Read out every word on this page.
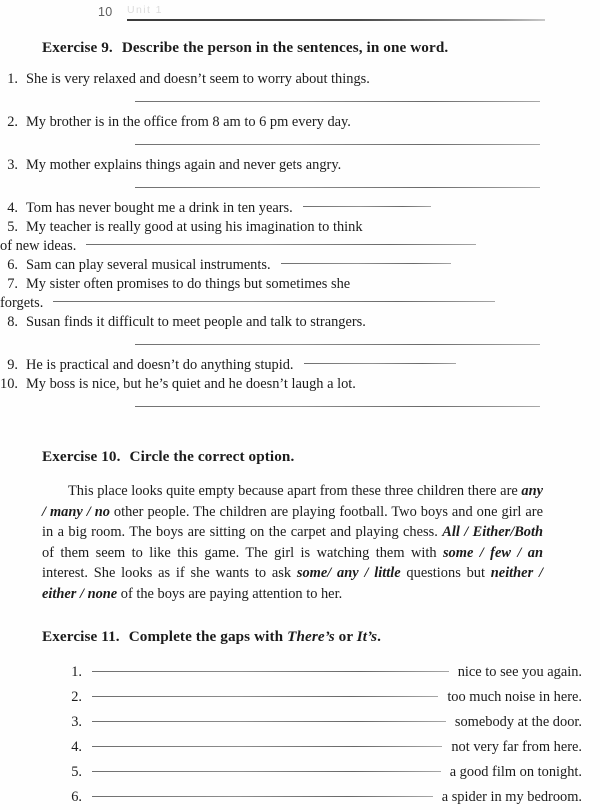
10 Unit 1
Exercise 9. Describe the person in the sentences, in one word.
1. She is very relaxed and doesn’t seem to worry about things.
2. My brother is in the office from 8 am to 6 pm every day.
3. My mother explains things again and never gets angry.
4. Tom has never bought me a drink in ten years.
5. My teacher is really good at using his imagination to think
of new ideas.
6. Sam can play several musical instruments.
7. My sister often promises to do things but sometimes she
forgets.
8. Susan finds it difficult to meet people and talk to strangers.
9. He is practical and doesn’t do anything stupid.
10. My boss is nice, but he’s quiet and he doesn’t laugh a lot.
Exercise 10. Circle the correct option.

This place looks quite empty because apart from these three children there are any / many / no other people. The children are playing football. Two boys and one girl are in a big room. The boys are sitting on the carpet and playing chess. All / Either/Both of them seem to like this game. The girl is watching them with some / few / an interest. She looks as if she wants to ask some/ any / little questions but neither / either / none of the boys are paying attention to her.

Exercise 11. Complete the gaps with There’s or It’s.
1.	nice to see you again.
2.	too much noise in here.
3.	somebody at the door.
4.	not very far from here.
5.	a good film on tonight.
6.	a spider in my bedroom.
